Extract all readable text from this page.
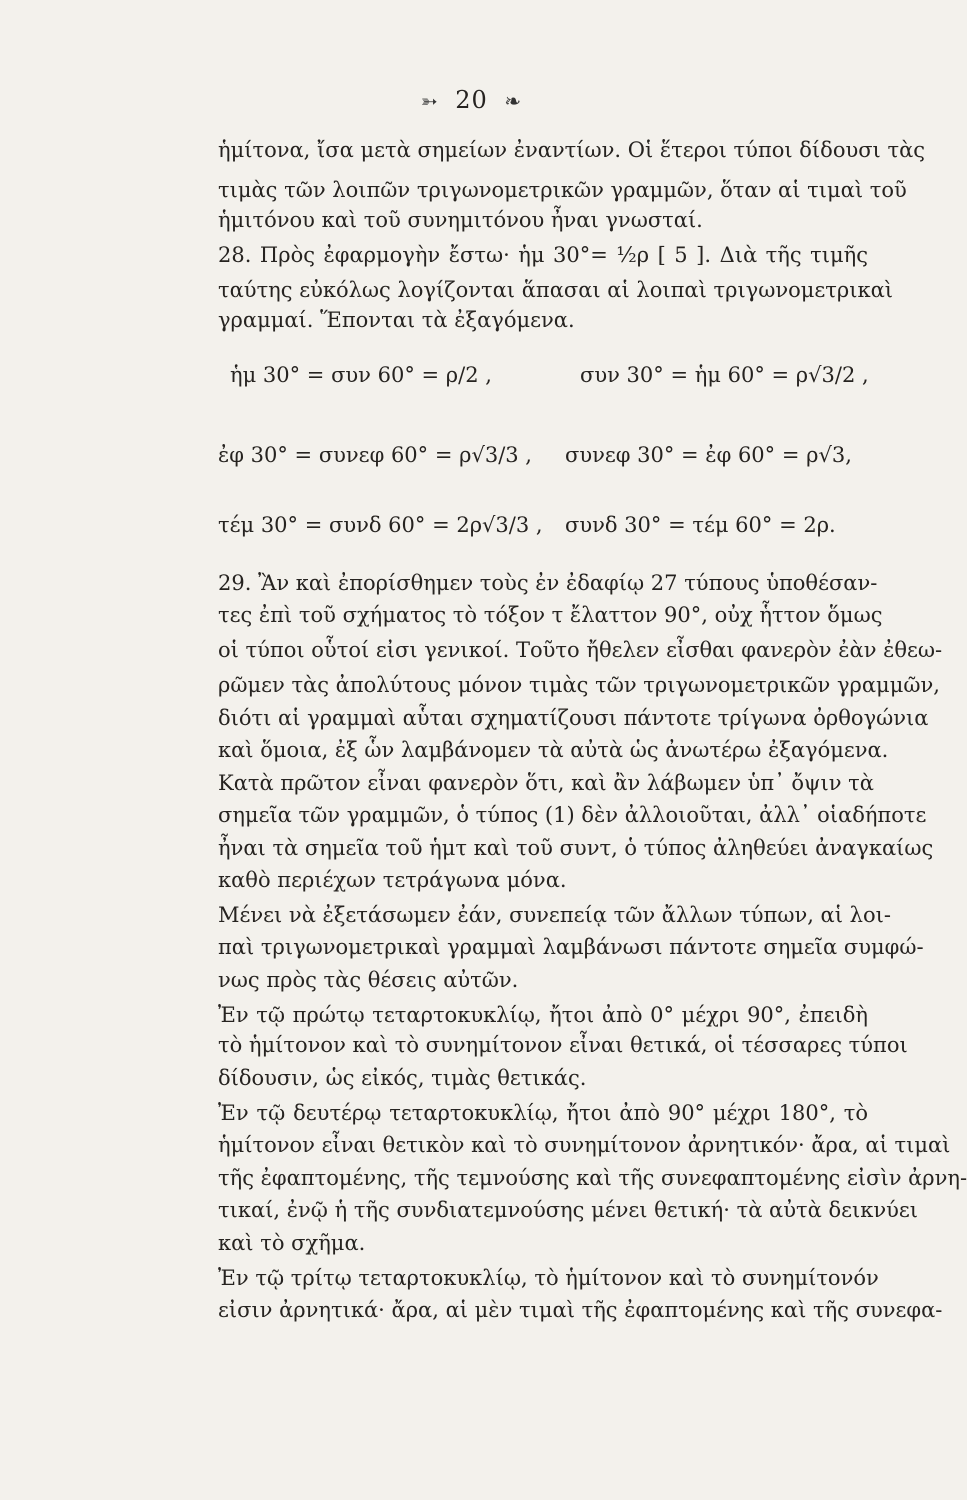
➳ 20 ❧

ἡμίτονα, ἴσα μετὰ σημείων ἐναντίων. Οἱ ἕτεροι τύποι δίδουσι τὰς

τιμὰς τῶν λοιπῶν τριγωνομετρικῶν γραμμῶν, ὅταν αἱ τιμαὶ τοῦ

ἡμιτόνου καὶ τοῦ συνημιτόνου ἦναι γνωσταί.

28. Πρὸς ἐφαρμογὴν ἔστω· ἡμ 30°= ½ρ [ 5 ]. Διὰ τῆς τιμῆς

ταύτης εὐκόλως λογίζονται ἅπασαι αἱ λοιπαὶ τριγωνομετρικαὶ

γραμμαί. Ἕπονται τὰ ἐξαγόμενα.

ἡμ 30° = συν 60° = ρ/2 ,	συν 30° = ἡμ 60° = ρ√3/2 ,
ἐφ 30° = συνεφ 60° = ρ√3/3 , συνεφ 30° = ἐφ 60° = ρ√3,
τέμ 30° = συνδ 60° = 2ρ√3/3 , συνδ 30° = τέμ 60° = 2ρ.

29. Ἂν καὶ ἐπορίσθημεν τοὺς ἐν ἐδαφίῳ 27 τύπους ὑποθέσαν-

τες ἐπὶ τοῦ σχήματος τὸ τόξον τ ἔλαττον 90°, οὐχ ἧττον ὅμως

οἱ τύποι οὗτοί εἰσι γενικοί. Τοῦτο ἤθελεν εἶσθαι φανερὸν ἐὰν ἐθεω-

ρῶμεν τὰς ἀπολύτους μόνον τιμὰς τῶν τριγωνομετρικῶν γραμμῶν,

διότι αἱ γραμμαὶ αὗται σχηματίζουσι πάντοτε τρίγωνα ὀρθογώνια

καὶ ὅμοια, ἐξ ὧν λαμβάνομεν τὰ αὐτὰ ὡς ἀνωτέρω ἐξαγόμενα.

Κατὰ πρῶτον εἶναι φανερὸν ὅτι, καὶ ἂν λάβωμεν ὑπ᾽ ὄψιν τὰ

σημεῖα τῶν γραμμῶν, ὁ τύπος (1) δὲν ἀλλοιοῦται, ἀλλ᾽ οἱαδήποτε

ἦναι τὰ σημεῖα τοῦ ἡμτ καὶ τοῦ συντ, ὁ τύπος ἀληθεύει ἀναγκαίως

καθὸ περιέχων τετράγωνα μόνα.

Μένει νὰ ἐξετάσωμεν ἐάν, συνεπείᾳ τῶν ἄλλων τύπων, αἱ λοι-

παὶ τριγωνομετρικαὶ γραμμαὶ λαμβάνωσι πάντοτε σημεῖα συμφώ-

νως πρὸς τὰς θέσεις αὐτῶν.

Ἐν τῷ πρώτῳ τεταρτοκυκλίῳ, ἤτοι ἀπὸ 0° μέχρι 90°, ἐπειδὴ

τὸ ἡμίτονον καὶ τὸ συνημίτονον εἶναι θετικά, οἱ τέσσαρες τύποι

δίδουσιν, ὡς εἰκός, τιμὰς θετικάς.

Ἐν τῷ δευτέρῳ τεταρτοκυκλίῳ, ἤτοι ἀπὸ 90° μέχρι 180°, τὸ

ἡμίτονον εἶναι θετικὸν καὶ τὸ συνημίτονον ἀρνητικόν· ἄρα, αἱ τιμαὶ

τῆς ἐφαπτομένης, τῆς τεμνούσης καὶ τῆς συνεφαπτομένης εἰσὶν ἀρνη-

τικαί, ἐνῷ ἡ τῆς συνδιατεμνούσης μένει θετική· τὰ αὐτὰ δεικνύει

καὶ τὸ σχῆμα.

Ἐν τῷ τρίτῳ τεταρτοκυκλίῳ, τὸ ἡμίτονον καὶ τὸ συνημίτονόν

εἰσιν ἀρνητικά· ἄρα, αἱ μὲν τιμαὶ τῆς ἐφαπτομένης καὶ τῆς συνεφα-
